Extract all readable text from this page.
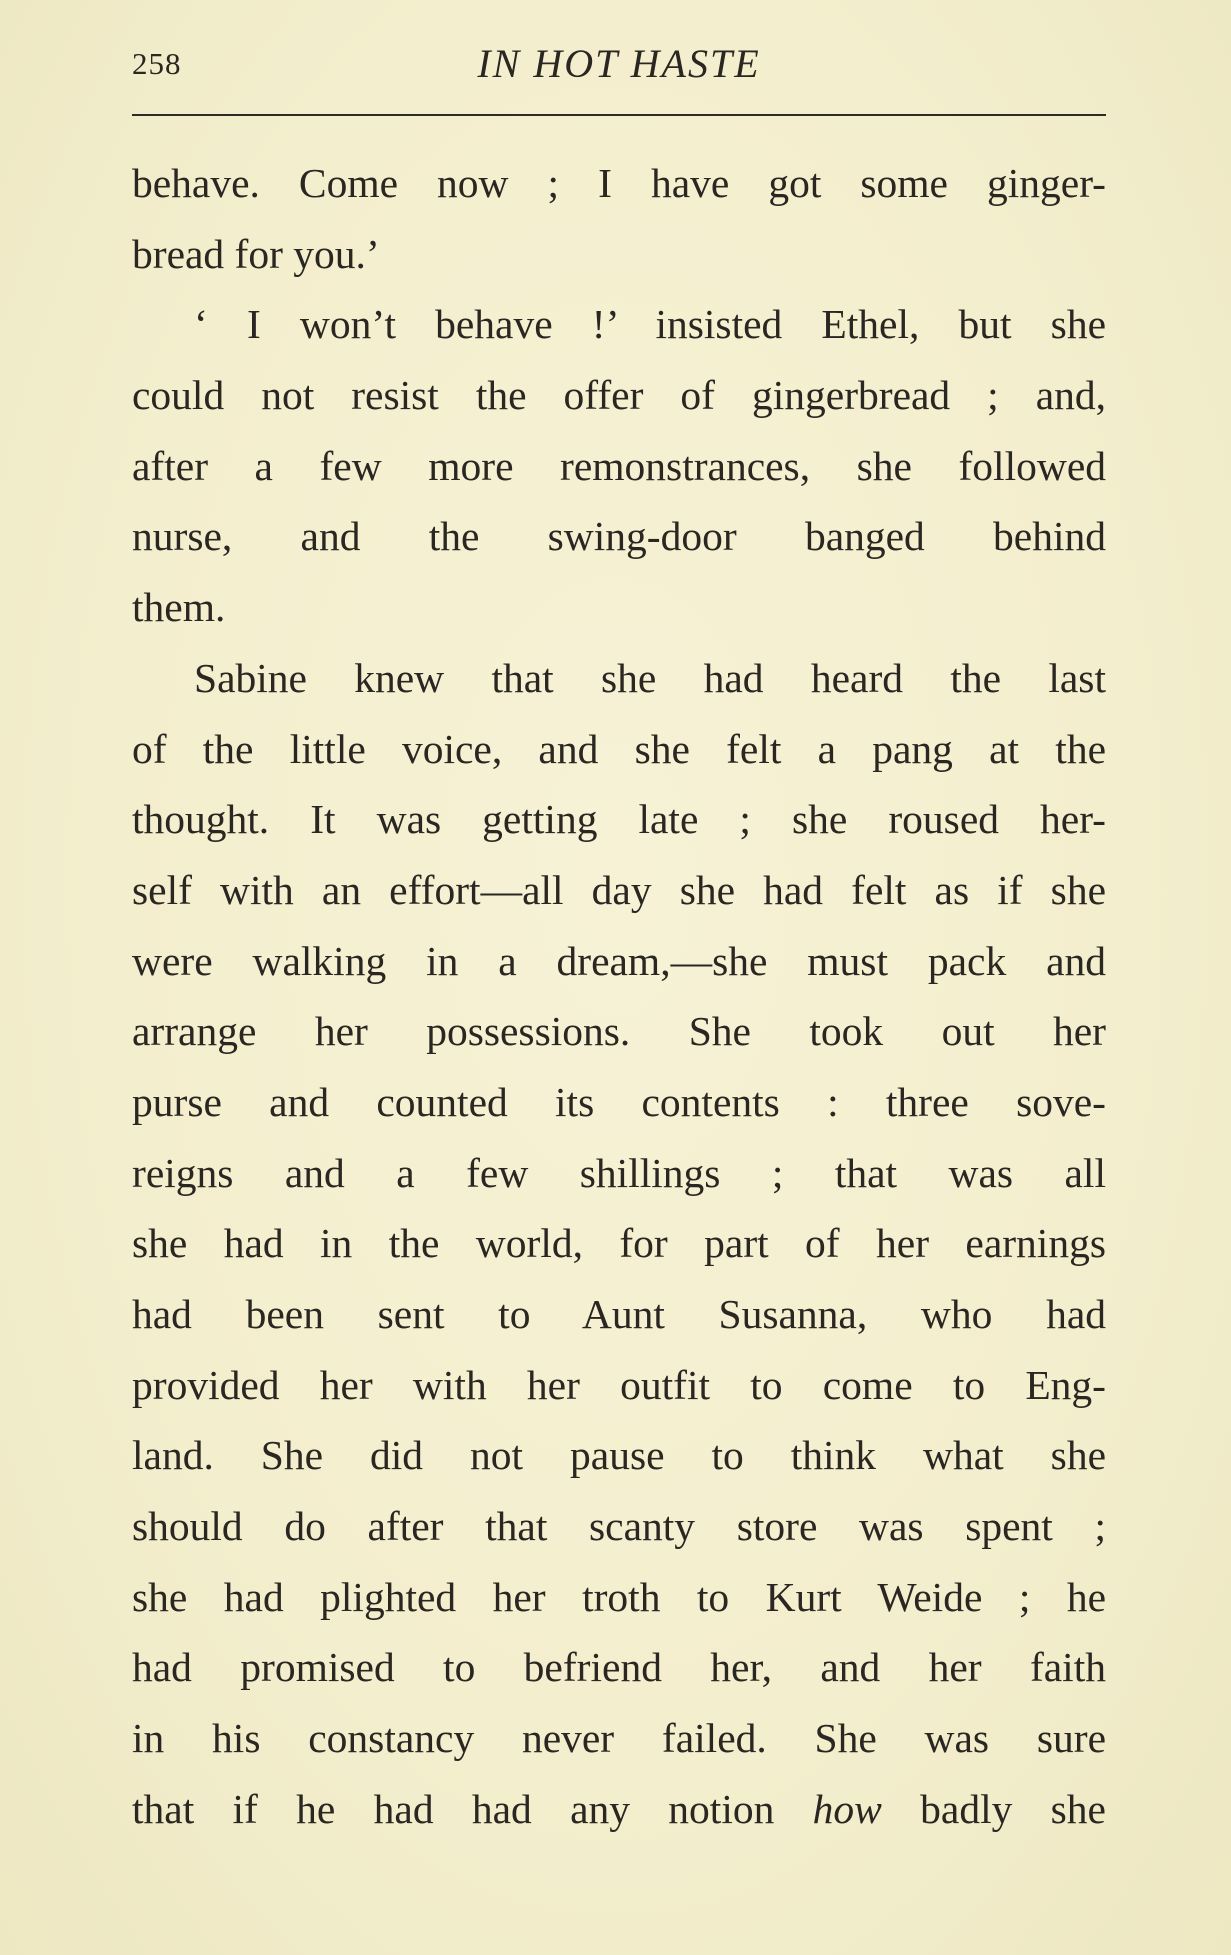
258	IN HOT HASTE
behave. Come now ; I have got some ginger-
bread for you.’
‘ I won’t behave !’ insisted Ethel, but she
could not resist the offer of gingerbread ; and,
after a few more remonstrances, she followed
nurse, and the swing-door banged behind
them.
Sabine knew that she had heard the last
of the little voice, and she felt a pang at the
thought. It was getting late ; she roused her-
self with an effort—all day she had felt as if she
were walking in a dream,—she must pack and
arrange her possessions. She took out her
purse and counted its contents : three sove-
reigns and a few shillings ; that was all
she had in the world, for part of her earnings
had been sent to Aunt Susanna, who had
provided her with her outfit to come to Eng-
land. She did not pause to think what she
should do after that scanty store was spent ;
she had plighted her troth to Kurt Weide ; he
had promised to befriend her, and her faith
in his constancy never failed. She was sure
that if he had had any notion how badly she
